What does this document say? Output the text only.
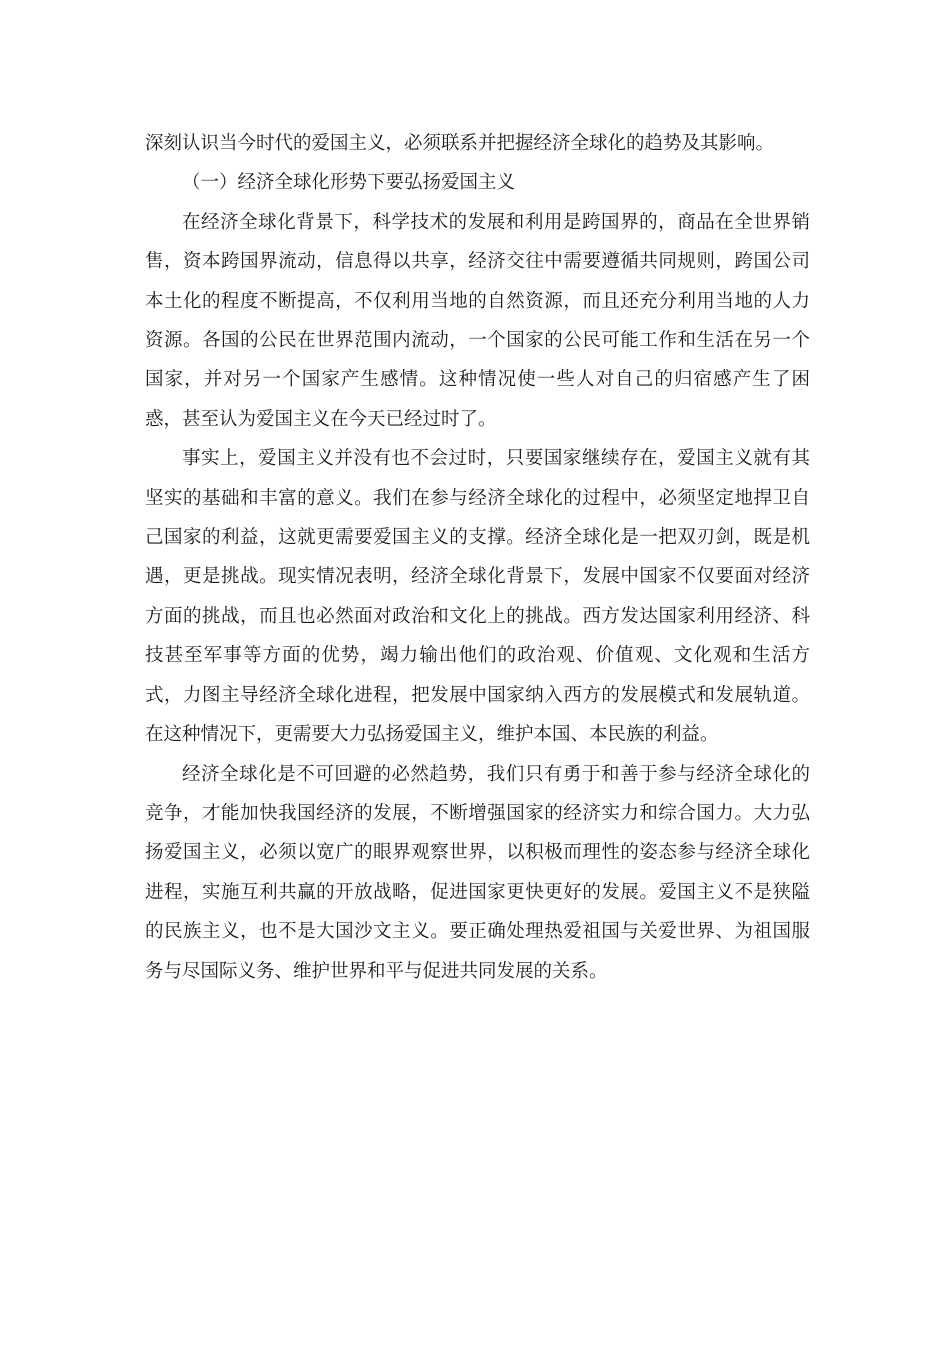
深刻认识当今时代的爱国主义，必须联系并把握经济全球化的趋势及其影响。

（一）经济全球化形势下要弘扬爱国主义

在经济全球化背景下，科学技术的发展和利用是跨国界的，商品在全世界销售，资本跨国界流动，信息得以共享，经济交往中需要遵循共同规则，跨国公司本土化的程度不断提高，不仅利用当地的自然资源，而且还充分利用当地的人力资源。各国的公民在世界范围内流动，一个国家的公民可能工作和生活在另一个国家，并对另一个国家产生感情。这种情况使一些人对自己的归宿感产生了困惑，甚至认为爱国主义在今天已经过时了。

事实上，爱国主义并没有也不会过时，只要国家继续存在，爱国主义就有其坚实的基础和丰富的意义。我们在参与经济全球化的过程中，必须坚定地捍卫自己国家的利益，这就更需要爱国主义的支撑。经济全球化是一把双刃剑，既是机遇，更是挑战。现实情况表明，经济全球化背景下，发展中国家不仅要面对经济方面的挑战，而且也必然面对政治和文化上的挑战。西方发达国家利用经济、科技甚至军事等方面的优势，竭力输出他们的政治观、价值观、文化观和生活方式，力图主导经济全球化进程，把发展中国家纳入西方的发展模式和发展轨道。在这种情况下，更需要大力弘扬爱国主义，维护本国、本民族的利益。

经济全球化是不可回避的必然趋势，我们只有勇于和善于参与经济全球化的竞争，才能加快我国经济的发展，不断增强国家的经济实力和综合国力。大力弘扬爱国主义，必须以宽广的眼界观察世界，以积极而理性的姿态参与经济全球化进程，实施互利共赢的开放战略，促进国家更快更好的发展。爱国主义不是狭隘的民族主义，也不是大国沙文主义。要正确处理热爱祖国与关爱世界、为祖国服务与尽国际义务、维护世界和平与促进共同发展的关系。
